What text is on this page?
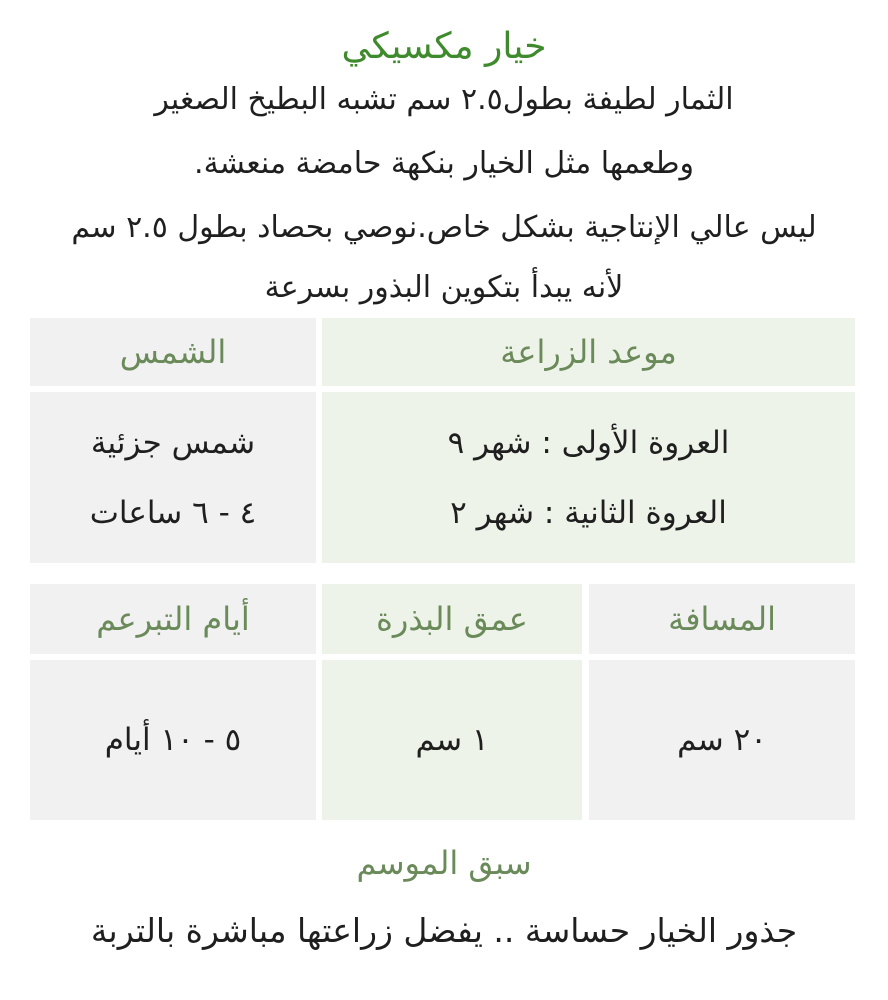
خيار مكسيكي
الثمار لطيفة بطول٢.٥ سم تشبه البطيخ الصغير
وطعمها مثل الخيار بنكهة حامضة منعشة.
ليس عالي الإنتاجية بشكل خاص.نوصي بحصاد بطول ٢.٥ سم
لأنه يبدأ بتكوين البذور بسرعة
موعد الزراعة
الشمس
العروة الأولى : شهر ٩
العروة الثانية : شهر ٢
شمس جزئية
٤ - ٦ ساعات
المسافة
عمق البذرة
أيام التبرعم
٢٠ سم
١ سم
٥ - ١٠ أيام
سبق الموسم
جذور الخيار حساسة .. يفضل زراعتها مباشرة بالتربة
